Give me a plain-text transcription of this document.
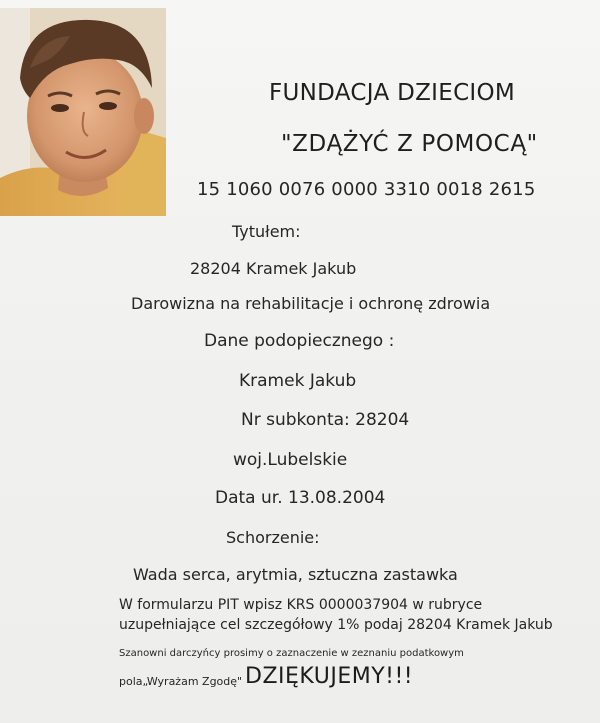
FUNDACJA DZIECIOM
"ZDĄŻYĆ Z POMOCĄ"
15 1060 0076 0000 3310 0018 2615
Tytułem:
28204 Kramek Jakub
Darowizna na rehabilitacje i ochronę zdrowia
Dane podopiecznego :
Kramek Jakub
Nr subkonta: 28204
woj.Lubelskie
Data ur. 13.08.2004
Schorzenie:
Wada serca, arytmia, sztuczna zastawka
W formularzu PIT wpisz KRS 0000037904 w rubryce
uzupełniające cel szczegółowy 1% podaj 28204 Kramek Jakub
Szanowni darczyńcy prosimy o zaznaczenie w zeznaniu podatkowym
pola„Wyrażam Zgodę" DZIĘKUJEMY!!!
